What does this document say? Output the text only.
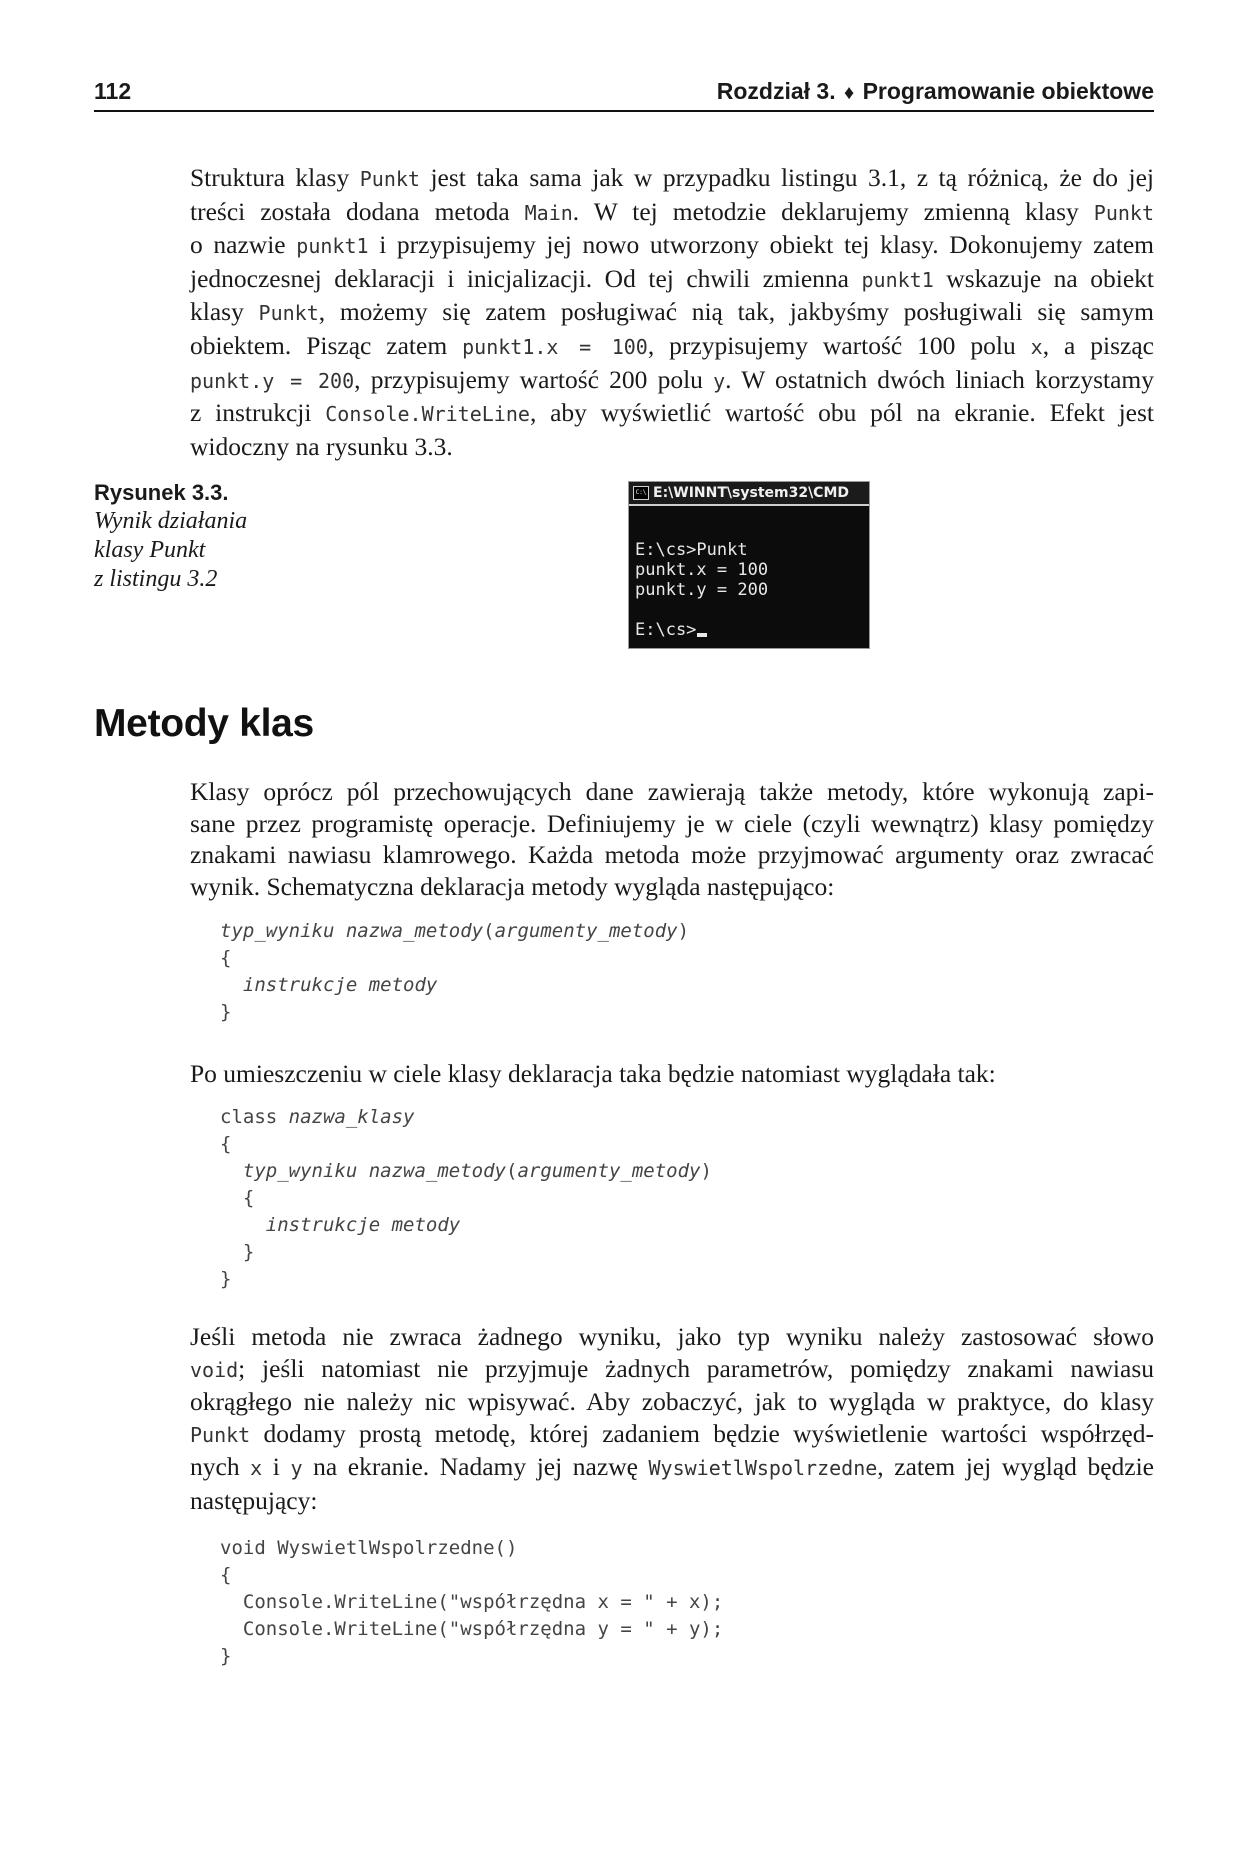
112	Rozdział 3. ♦ Programowanie obiektowe
Struktura klasy Punkt jest taka sama jak w przypadku listingu 3.1, z tą różnicą, że do jej
treści została dodana metoda Main. W tej metodzie deklarujemy zmienną klasy Punkt
o nazwie punkt1 i przypisujemy jej nowo utworzony obiekt tej klasy. Dokonujemy zatem
jednoczesnej deklaracji i inicjalizacji. Od tej chwili zmienna punkt1 wskazuje na obiekt
klasy Punkt, możemy się zatem posługiwać nią tak, jakbyśmy posługiwali się samym
obiektem. Pisząc zatem punkt1.x = 100, przypisujemy wartość 100 polu x, a pisząc
punkt.y = 200, przypisujemy wartość 200 polu y. W ostatnich dwóch liniach korzystamy
z instrukcji Console.WriteLine, aby wyświetlić wartość obu pól na ekranie. Efekt jest
widoczny na rysunku 3.3.
Rysunek 3.3.
Wynik działania
klasy Punkt
z listingu 3.2
C:\ E:\WINNT\system32\CMD
E:\cs>Punkt
punkt.x = 100
punkt.y = 200
E:\cs>
Metody klas
Klasy oprócz pól przechowujących dane zawierają także metody, które wykonują zapi-
sane przez programistę operacje. Definiujemy je w ciele (czyli wewnątrz) klasy pomiędzy
znakami nawiasu klamrowego. Każda metoda może przyjmować argumenty oraz zwracać
wynik. Schematyczna deklaracja metody wygląda następująco:
typ_wyniku nazwa_metody(argumenty_metody)
{
instrukcje metody
}
Po umieszczeniu w ciele klasy deklaracja taka będzie natomiast wyglądała tak:
class nazwa_klasy
{
typ_wyniku nazwa_metody(argumenty_metody)
{
instrukcje metody
}
}
Jeśli metoda nie zwraca żadnego wyniku, jako typ wyniku należy zastosować słowo
void; jeśli natomiast nie przyjmuje żadnych parametrów, pomiędzy znakami nawiasu
okrągłego nie należy nic wpisywać. Aby zobaczyć, jak to wygląda w praktyce, do klasy
Punkt dodamy prostą metodę, której zadaniem będzie wyświetlenie wartości współrzęd-
nych x i y na ekranie. Nadamy jej nazwę WyswietlWspolrzedne, zatem jej wygląd będzie
następujący:
void WyswietlWspolrzedne()
{
Console.WriteLine("współrzędna x = " + x);
Console.WriteLine("współrzędna y = " + y);
}
